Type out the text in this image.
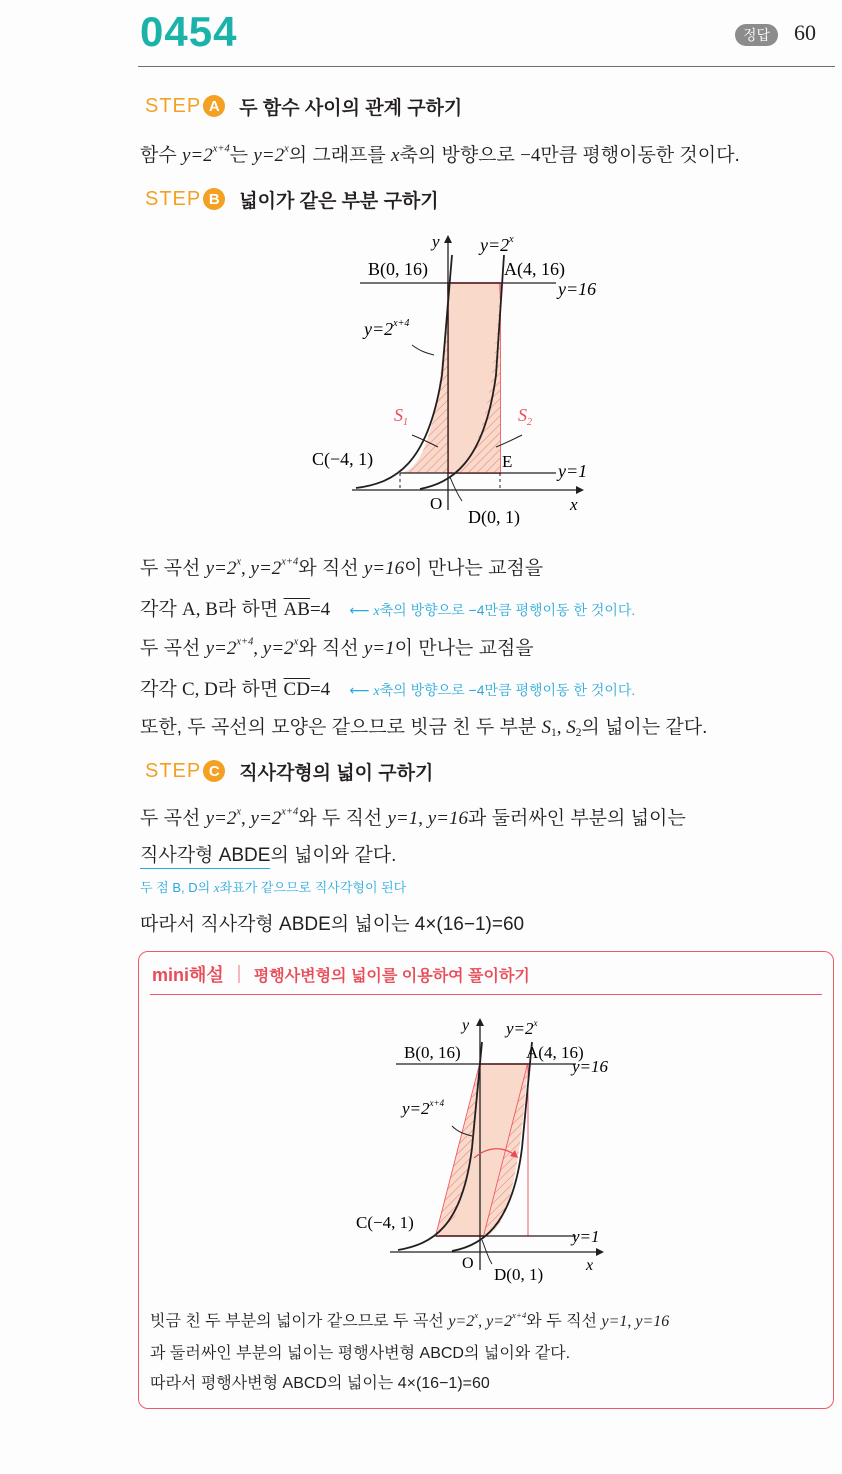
0454	정답	60
STEP A 두 함수 사이의 관계 구하기
함수 $y=2^{x+4}$는 $y=2^x$의 그래프를 x축의 방향으로 −4만큼 평행이동한 것이다.
STEP B 넓이가 같은 부분 구하기
y $y=2^x$
B(0, 16)	A(4, 16)
y=16
$y=2^{x+4}$
$S_1$	$S_2$
C(−4, 1)	E	y=1
O	x
D(0, 1)
두 곡선 $y=2^x$, $y=2^{x+4}$와 직선 y=16이 만나는 교점을
각각 A, B라 하면 $\overline{AB}=4$ ⟵ x축의 방향으로 −4만큼 평행이동 한 것이다.
두 곡선 $y=2^{x+4}$, $y=2^x$와 직선 y=1이 만나는 교점을
각각 C, D라 하면 $\overline{CD}=4$ ⟵ x축의 방향으로 −4만큼 평행이동 한 것이다.
또한, 두 곡선의 모양은 같으므로 빗금 친 두 부분 $S_1$, $S_2$의 넓이는 같다.
STEP C 직사각형의 넓이 구하기
두 곡선 $y=2^x$, $y=2^{x+4}$와 두 직선 y=1, y=16과 둘러싸인 부분의 넓이는
직사각형 ABDE의 넓이와 같다.
두 점 B, D의 x좌표가 같으므로 직사각형이 된다
따라서 직사각형 ABDE의 넓이는 4×(16−1)=60
mini해설 평행사변형의 넓이를 이용하여 풀이하기
y $y=2^x$
B(0, 16)	A(4, 16)
y=16
$y=2^{x+4}$
C(−4, 1)
y=1
O	x
D(0, 1)
빗금 친 두 부분의 넓이가 같으므로 두 곡선 $y=2^x$, $y=2^{x+4}$와 두 직선 y=1, y=16
과 둘러싸인 부분의 넓이는 평행사변형 ABCD의 넓이와 같다.
따라서 평행사변형 ABCD의 넓이는 4×(16−1)=60
